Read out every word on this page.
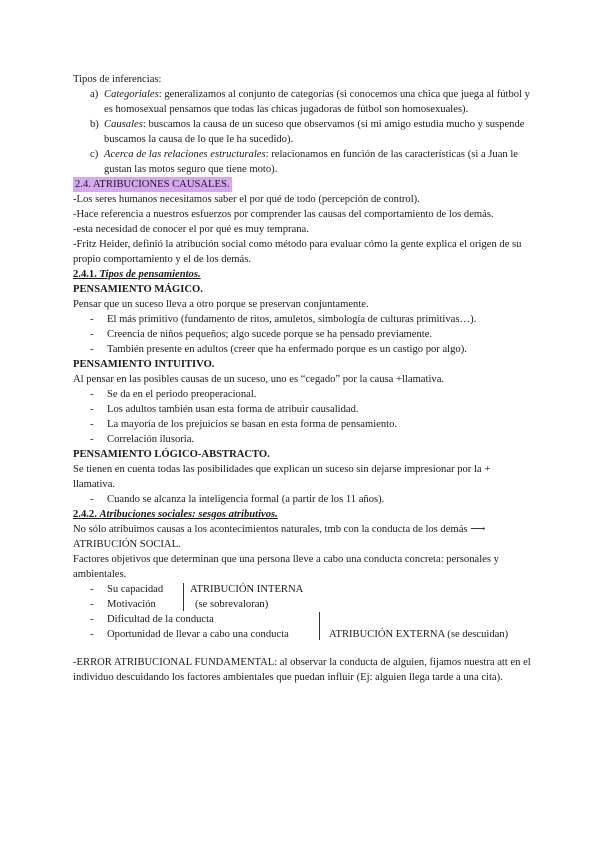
Tipos de inferencias:

a) Categoriales: generalizamos al conjunto de categorías (si conocemos una chica que juega al fútbol y es homosexual pensamos que todas las chicas jugadoras de fútbol son homosexuales).
b) Causales: buscamos la causa de un suceso que observamos (si mi amigo estudia mucho y suspende buscamos la causa de lo que le ha sucedido).
c) Acerca de las relaciones estructurales: relacionamos en función de las características (si a Juan le gustan las motos seguro que tiene moto).

2.4. ATRIBUCIONES CAUSALES.

-Los seres humanos necesitamos saber el por qué de todo (percepción de control).

-Hace referencia a nuestros esfuerzos por comprender las causas del comportamiento de los demás.

-esta necesidad de conocer el por qué es muy temprana.

-Fritz Heider, definió la atribución social como método para evaluar cómo la gente explica el origen de su propio comportamiento y el de los demás.

2.4.1. Tipos de pensamientos.

PENSAMIENTO MÁGICO.

Pensar que un suceso lleva a otro porque se preservan conjuntamente.

- El más primitivo (fundamento de ritos, amuletos, simbología de culturas primitivas…).
- Creencia de niños pequeños; algo sucede porque se ha pensado previamente.
- También presente en adultos (creer que ha enfermado porque es un castigo por algo).

PENSAMIENTO INTUITIVO.

Al pensar en las posibles causas de un suceso, uno es “cegado” por la causa +llamativa.

- Se da en el periodo preoperacional.
- Los adultos también usan esta forma de atribuir causalidad.
- La mayoría de los prejuicios se basan en esta forma de pensamiento.
- Correlación ilusoria.

PENSAMIENTO LÓGICO-ABSTRACTO.

Se tienen en cuenta todas las posibilidades que explican un suceso sin dejarse impresionar por la + llamativa.

- Cuando se alcanza la inteligencia formal (a partir de los 11 años).

2.4.2. Atribuciones sociales: sesgos atributivos.

No sólo atribuimos causas a los acontecimientos naturales, tmb con la conducta de los demás ⟶ ATRIBUCIÓN SOCIAL.

Factores objetivos que determinan que una persona lleve a cabo una conducta concreta: personales y ambientales.

- Su capacidad
- Motivación
- Dificultad de la conducta
- Oportunidad de llevar a cabo una conducta
ATRIBUCIÓN INTERNA
(se sobrevaloran)
ATRIBUCIÓN EXTERNA (se descuidan)

-ERROR ATRIBUCIONAL FUNDAMENTAL: al observar la conducta de alguien, fijamos nuestra att en el individuo descuidando los factores ambientales que puedan influir (Ej: alguien llega tarde a una cita).
